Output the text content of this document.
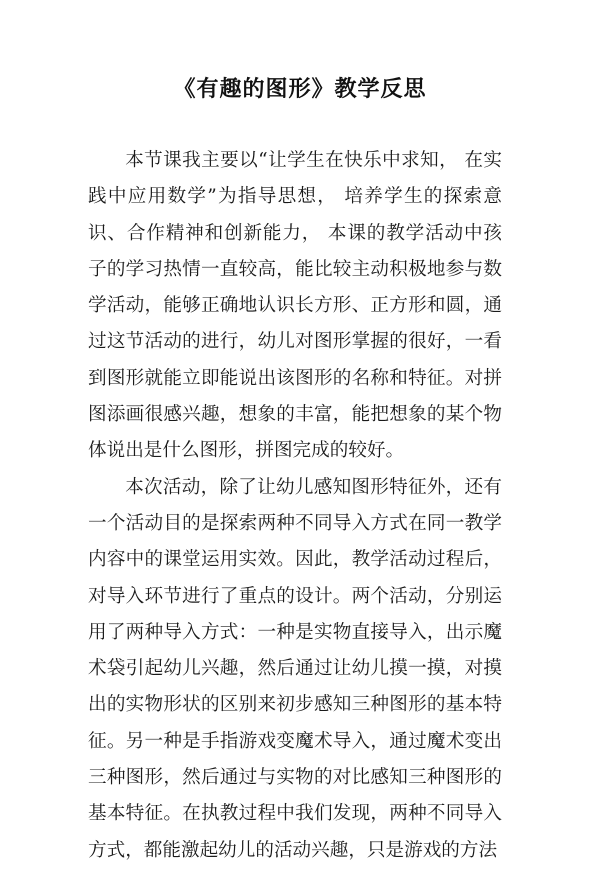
《有趣的图形》教学反思

本节课我主要以“让学生在快乐中求知， 在实践中应用数学”为指导思想， 培养学生的探索意识、合作精神和创新能力， 本课的教学活动中孩子的学习热情一直较高，能比较主动积极地参与数学活动，能够正确地认识长方形、正方形和圆，通过这节活动的进行，幼儿对图形掌握的很好，一看到图形就能立即能说出该图形的名称和特征。对拼图添画很感兴趣，想象的丰富，能把想象的某个物体说出是什么图形，拼图完成的较好。

本次活动，除了让幼儿感知图形特征外，还有一个活动目的是探索两种不同导入方式在同一教学内容中的课堂运用实效。因此，教学活动过程后，对导入环节进行了重点的设计。两个活动，分别运用了两种导入方式：一种是实物直接导入，出示魔术袋引起幼儿兴趣，然后通过让幼儿摸一摸，对摸出的实物形状的区别来初步感知三种图形的基本特征。另一种是手指游戏变魔术导入，通过魔术变出三种图形，然后通过与实物的对比感知三种图形的基本特征。在执教过程中我们发现，两种不同导入方式，都能激起幼儿的活动兴趣，只是游戏的方法
